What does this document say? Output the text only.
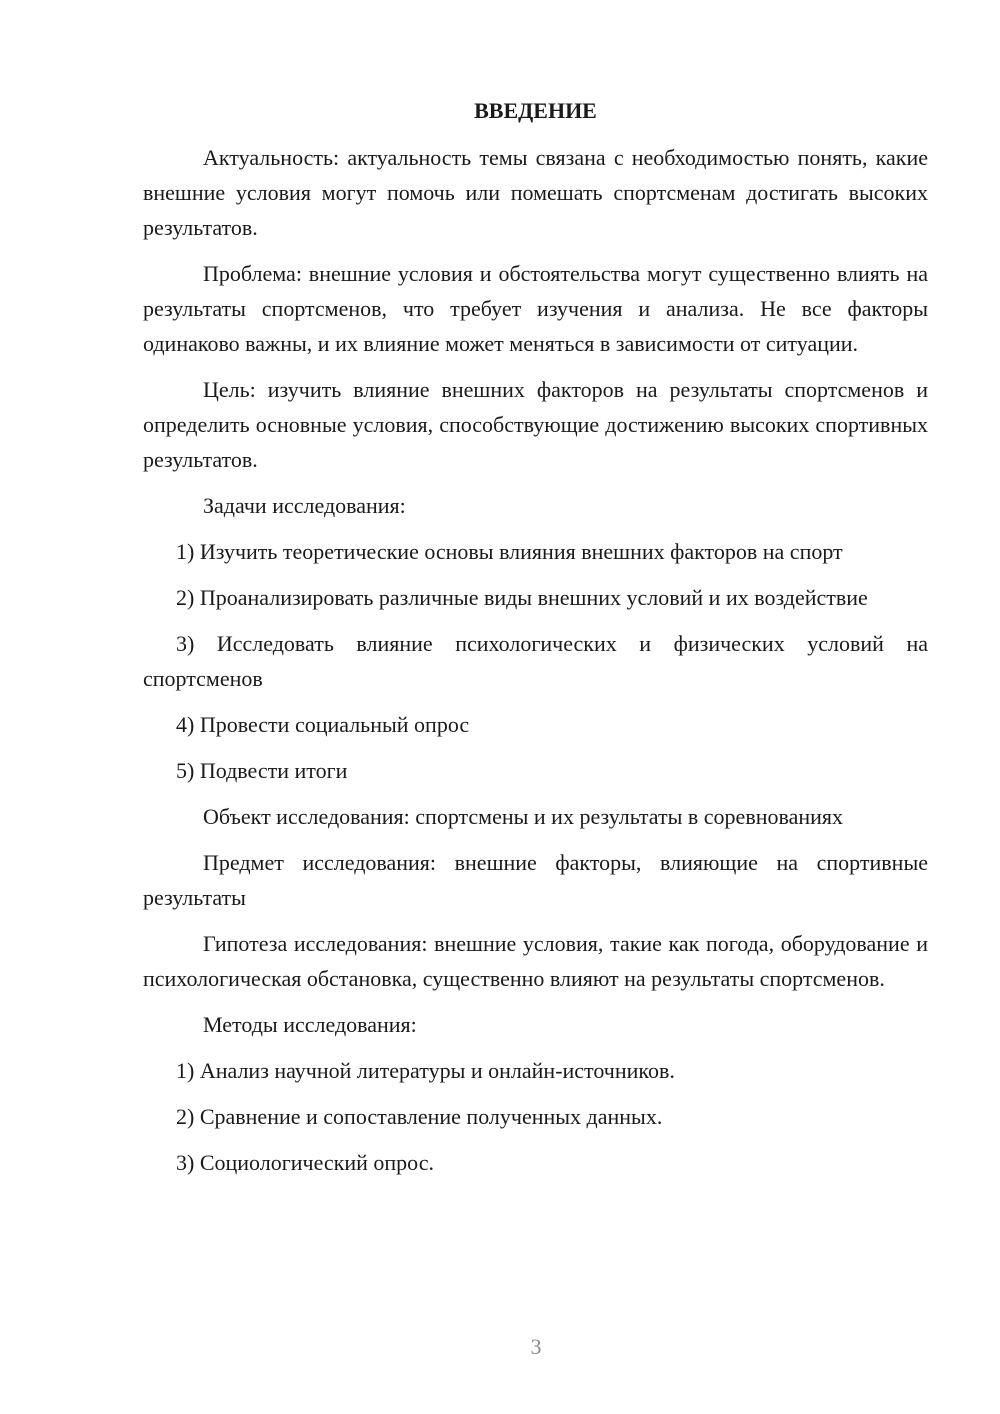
ВВЕДЕНИЕ

Актуальность: актуальность темы связана с необходимостью понять, какие внешние условия могут помочь или помешать спортсменам достигать высоких результатов.

Проблема: внешние условия и обстоятельства могут существенно влиять на результаты спортсменов, что требует изучения и анализа. Не все факторы одинаково важны, и их влияние может меняться в зависимости от ситуации.

Цель: изучить влияние внешних факторов на результаты спортсменов и определить основные условия, способствующие достижению высоких спортивных результатов.

Задачи исследования:

1) Изучить теоретические основы влияния внешних факторов на спорт

2) Проанализировать различные виды внешних условий и их воздействие

3) Исследовать влияние психологических и физических условий на спортсменов

4) Провести социальный опрос

5) Подвести итоги

Объект исследования: спортсмены и их результаты в соревнованиях

Предмет исследования: внешние факторы, влияющие на спортивные результаты

Гипотеза исследования: внешние условия, такие как погода, оборудование и психологическая обстановка, существенно влияют на результаты спортсменов.

Методы исследования:

1) Анализ научной литературы и онлайн-источников.

2) Сравнение и сопоставление полученных данных.

3) Социологический опрос.

3
